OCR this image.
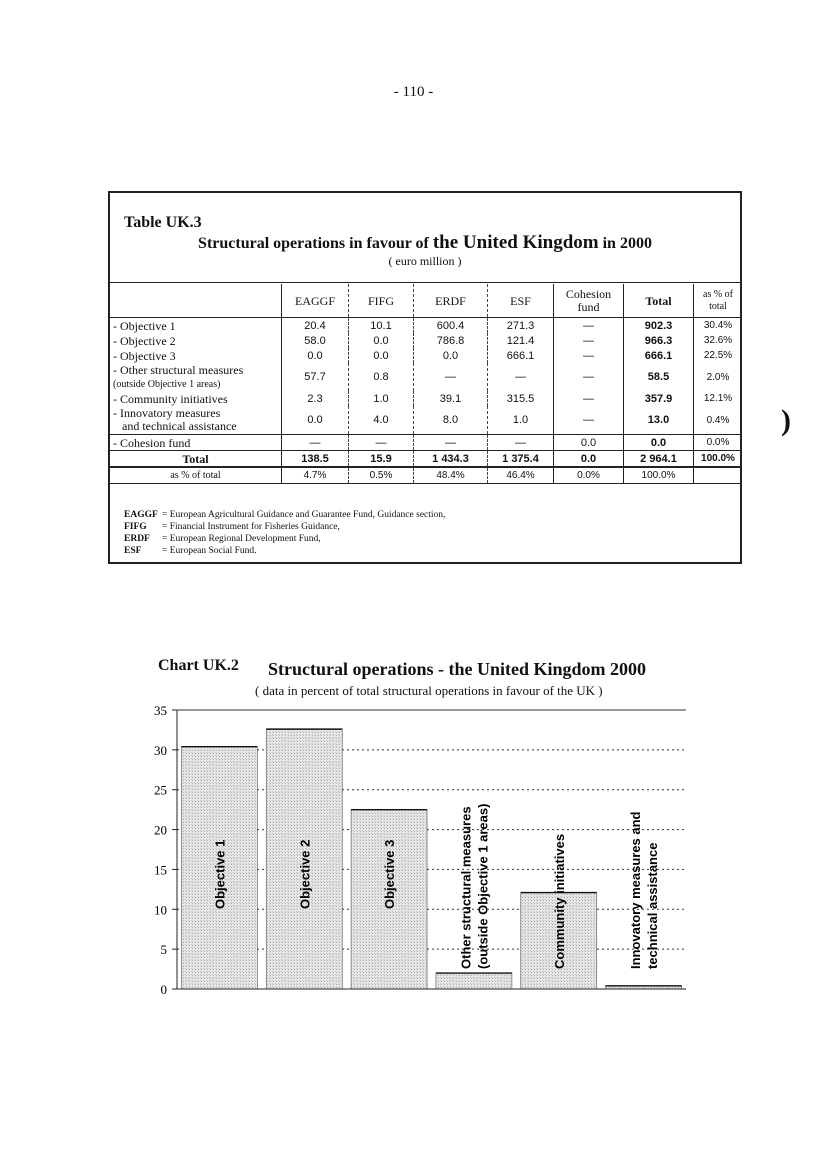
- 110 -
Table UK.3
Structural operations in favour of the United Kingdom in 2000
( euro million )
	EAGGF	FIFG	ERDF	ESF	Cohesion fund	Total	as % of total
- Objective 1	20.4	10.1	600.4	271.3	—	902.3	30.4%
- Objective 2	58.0	0.0	786.8	121.4	—	966.3	32.6%
- Objective 3	0.0	0.0	0.0	666.1	—	666.1	22.5%
- Other structural measures
(outside Objective 1 areas)	57.7	0.8	—	—	—	58.5	2.0%
- Community initiatives	2.3	1.0	39.1	315.5	—	357.9	12.1%
- Innovatory measures
and technical assistance	0.0	4.0	8.0	1.0	—	13.0	0.4%
- Cohesion fund	—	—	—	—	0.0	0.0	0.0%
Total	138.5	15.9	1 434.3	1 375.4	0.0	2 964.1	100.0%
as % of total	4.7%	0.5%	48.4%	46.4%	0.0%	100.0%	
EAGGF = European Agricultural Guidance and Guarantee Fund, Guidance section,
FIFG = Financial Instrument for Fisheries Guidance,
ERDF = European Regional Development Fund,
ESF = European Social Fund.
Chart UK.2 Structural operations - the United Kingdom 2000
( data in percent of total structural operations in favour of the UK )
0
5
10
15
20
25
30
35
Objective 1	Objective 2	Objective 3	Other structural measures (outside Objective 1 areas)	Community initiatives	Innovatory measures and technical assistance
)
